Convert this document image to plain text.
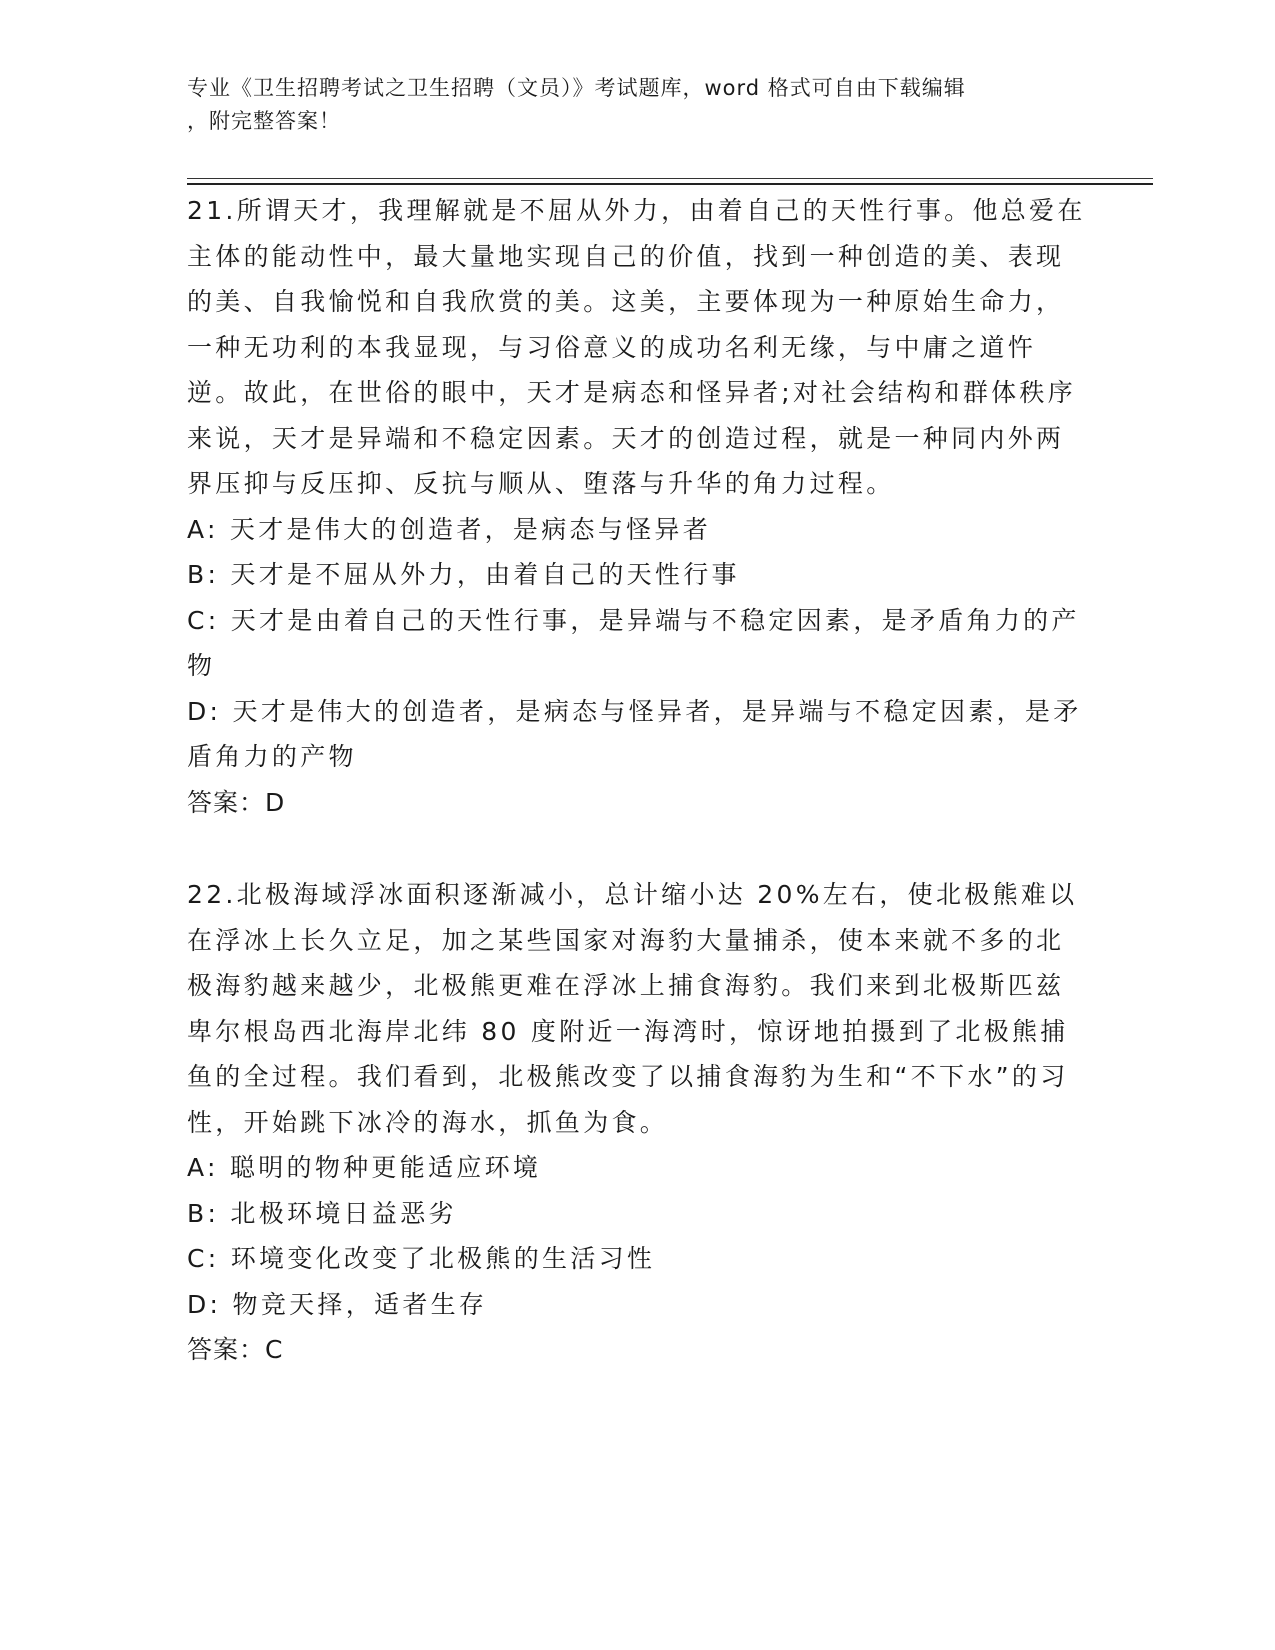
专业《卫生招聘考试之卫生招聘（文员）》考试题库，word 格式可自由下载编辑
，附完整答案！

21.所谓天才，我理解就是不屈从外力，由着自己的天性行事。他总爱在主体的能动性中，最大量地实现自己的价值，找到一种创造的美、表现的美、自我愉悦和自我欣赏的美。这美，主要体现为一种原始生命力，一种无功利的本我显现，与习俗意义的成功名利无缘，与中庸之道忤逆。故此，在世俗的眼中，天才是病态和怪异者;对社会结构和群体秩序来说，天才是异端和不稳定因素。天才的创造过程，就是一种同内外两界压抑与反压抑、反抗与顺从、堕落与升华的角力过程。

A: 天才是伟大的创造者，是病态与怪异者

B: 天才是不屈从外力，由着自己的天性行事

C: 天才是由着自己的天性行事，是异端与不稳定因素，是矛盾角力的产物

D: 天才是伟大的创造者，是病态与怪异者，是异端与不稳定因素，是矛盾角力的产物

答案：D

22.北极海域浮冰面积逐渐减小，总计缩小达 20%左右，使北极熊难以在浮冰上长久立足，加之某些国家对海豹大量捕杀，使本来就不多的北极海豹越来越少，北极熊更难在浮冰上捕食海豹。我们来到北极斯匹兹卑尔根岛西北海岸北纬 80 度附近一海湾时，惊讶地拍摄到了北极熊捕鱼的全过程。我们看到，北极熊改变了以捕食海豹为生和“不下水”的习性，开始跳下冰冷的海水，抓鱼为食。

A: 聪明的物种更能适应环境

B: 北极环境日益恶劣

C: 环境变化改变了北极熊的生活习性

D: 物竞天择，适者生存

答案：C
